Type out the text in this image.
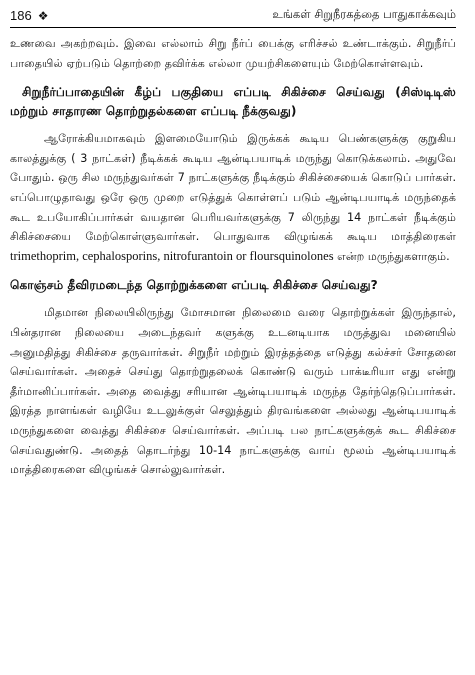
186 ❖	உங்கள் சிறுநீரகத்தை பாதுகாக்கவும்

உணவை அகற்றவும். இவை எல்லாம் சிறு நீர்ப் பைக்கு எரிச்சல் உண்டாக்கும். சிறுநீர்ப் பாதையில் ஏற்படும் தொற்றை தவிர்க்க எல்லா முயற்சிகளையும் மேற்கொள்ளவும்.

சிறுநீர்ப்பாதையின் கீழ்ப் பகுதியை எப்படி சிகிச்சை செய்வது (சிஸ்டிடிஸ் மற்றும் சாதாரண தொற்றுதல்களை எப்படி நீக்குவது)

ஆரோக்கியமாகவும் இளமையோடும் இருக்கக் கூடிய பெண்களுக்கு குறுகிய காலத்துக்கு ( 3 நாட்கள்) நீடிக்கக் கூடிய ஆன்டிபயாடிக் மருந்து கொடுக்கலாம். அதுவே போதும். ஒரு சில மருந்துவர்கள் 7 நாட்களுக்கு நீடிக்கும் சிகிச்சையைக் கொடுப் பார்கள். எப்பொழுதாவது ஒரே ஒரு முறை எடுத்துக் கொள்ளப் படும் ஆன்டிபயாடிக் மருந்தைக் கூட உபயோகிப்பார்கள் வயதான பெரியவர்களுக்கு 7 லிருந்து 14 நாட்கள் நீடிக்கும் சிகிச்சையை மேற்கொள்ளுவார்கள். பொதுவாக விழுங்கக் கூடிய மாத்திரைகள் trimethoprim, cephalosporins, nitrofurantoin or floursquinolones என்ற மருந்துகளாகும்.

கொஞ்சம் தீவிரமடைந்த தொற்றுக்களை எப்படி சிகிச்சை செய்வது?

மிதமான நிலையிலிருந்து மோசமான நிலைமை வரை தொற்றுக்கள் இருந்தால், பின்தரான நிலையை அடைந்தவர் களுக்கு உடனடியாக மருத்துவ மனையில் அனுமதித்து சிகிச்சை தருவார்கள். சிறுநீர் மற்றும் இரத்தத்தை எடுத்து கல்ச்சர் சோதனை செய்வார்கள். அதைச் செய்து தொற்றுதலைக் கொண்டு வரும் பாக்டீரியா எது என்று தீர்மானிப்பார்கள். அதை வைத்து சரியான ஆன்டிபயாடிக் மருந்த தேர்ந்தெடுப்பார்கள். இரத்த நாளங்கள் வழியே உடலுக்குள் செலுத்தும் திரவங்களை அல்லது ஆன்டிபயாடிக் மருந்துகளை வைத்து சிகிச்சை செய்வார்கள். அப்படி பல நாட்களுக்குக் கூட சிகிச்சை செய்வதுண்டு. அதைத் தொடர்ந்து 10-14 நாட்களுக்கு வாய் மூலம் ஆன்டிபயாடிக் மாத்திரைகளை விழுங்கச் சொல்லுவார்கள்.
